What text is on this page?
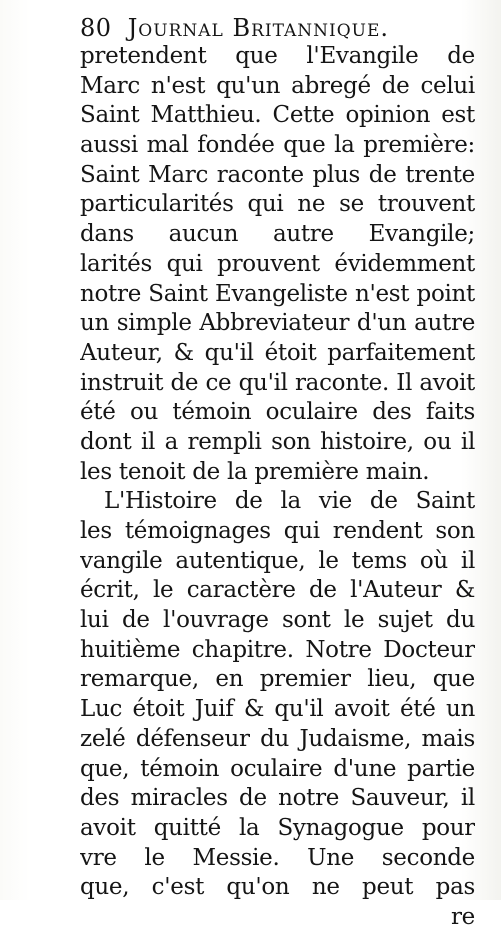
80 Journal Britannique.
pretendent que l'Evangile de
Marc n'est qu'un abregé de celui
Saint Matthieu. Cette opinion est
aussi mal fondée que la première:
Saint Marc raconte plus de trente
particularités qui ne se trouvent
dans aucun autre Evangile;
larités qui prouvent évidemment
notre Saint Evangeliste n'est point
un simple Abbreviateur d'un autre
Auteur, & qu'il étoit parfaitement
instruit de ce qu'il raconte. Il avoit
été ou témoin oculaire des faits
dont il a rempli son histoire, ou il
les tenoit de la première main.
L'Histoire de la vie de Saint
les témoignages qui rendent son
vangile autentique, le tems où il
écrit, le caractère de l'Auteur &
lui de l'ouvrage sont le sujet du
huitième chapitre. Notre Docteur
remarque, en premier lieu, que
Luc étoit Juif & qu'il avoit été un
zelé défenseur du Judaisme, mais
que, témoin oculaire d'une partie
des miracles de notre Sauveur, il
avoit quitté la Synagogue pour
vre le Messie. Une seconde
que, c'est qu'on ne peut pas
re
